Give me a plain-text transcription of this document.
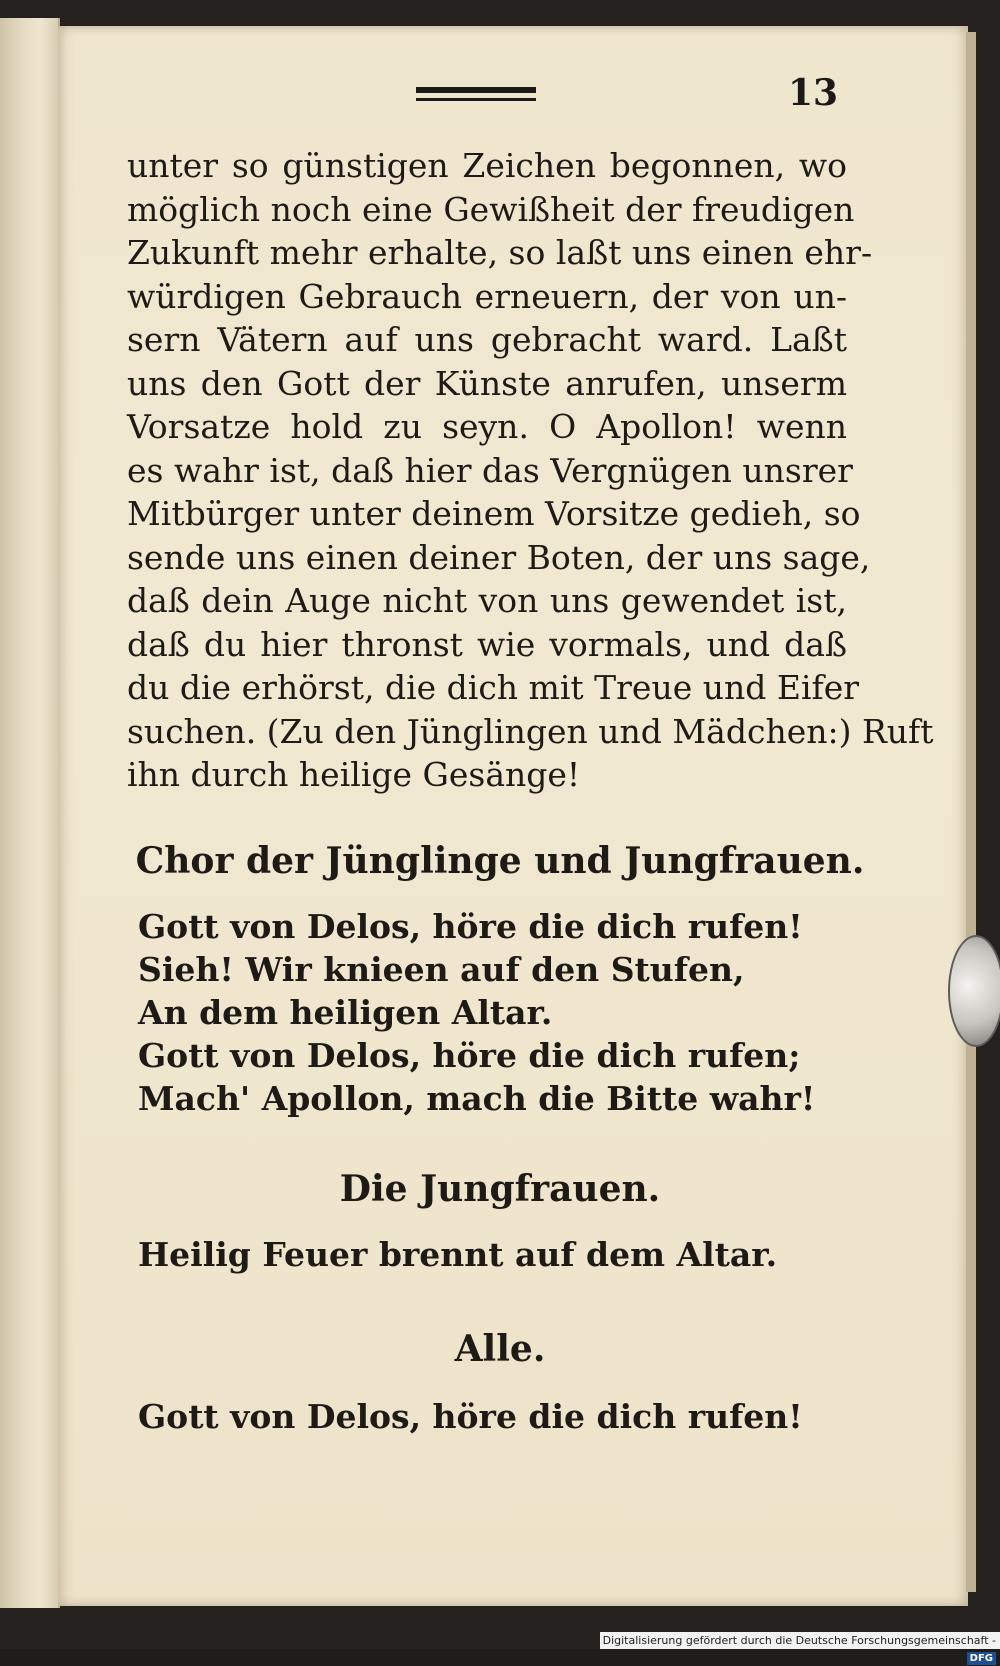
13
unter so günstigen Zeichen begonnen, wo
möglich noch eine Gewißheit der freudigen
Zukunft mehr erhalte, so laßt uns einen ehr-
würdigen Gebrauch erneuern, der von un-
sern Vätern auf uns gebracht ward. Laßt
uns den Gott der Künste anrufen, unserm
Vorsatze hold zu seyn. O Apollon! wenn
es wahr ist, daß hier das Vergnügen unsrer
Mitbürger unter deinem Vorsitze gedieh, so
sende uns einen deiner Boten, der uns sage,
daß dein Auge nicht von uns gewendet ist,
daß du hier thronst wie vormals, und daß
du die erhörst, die dich mit Treue und Eifer
suchen. (Zu den Jünglingen und Mädchen:) Ruft
ihn durch heilige Gesänge!
Chor der Jünglinge und Jungfrauen.
Gott von Delos, höre die dich rufen!
Sieh! Wir knieen auf den Stufen,
An dem heiligen Altar.
Gott von Delos, höre die dich rufen;
Mach' Apollon, mach die Bitte wahr!
Die Jungfrauen.
Heilig Feuer brennt auf dem Altar.
Alle.
Gott von Delos, höre die dich rufen!
Digitalisierung gefördert durch die Deutsche Forschungsgemeinschaft -DFG
